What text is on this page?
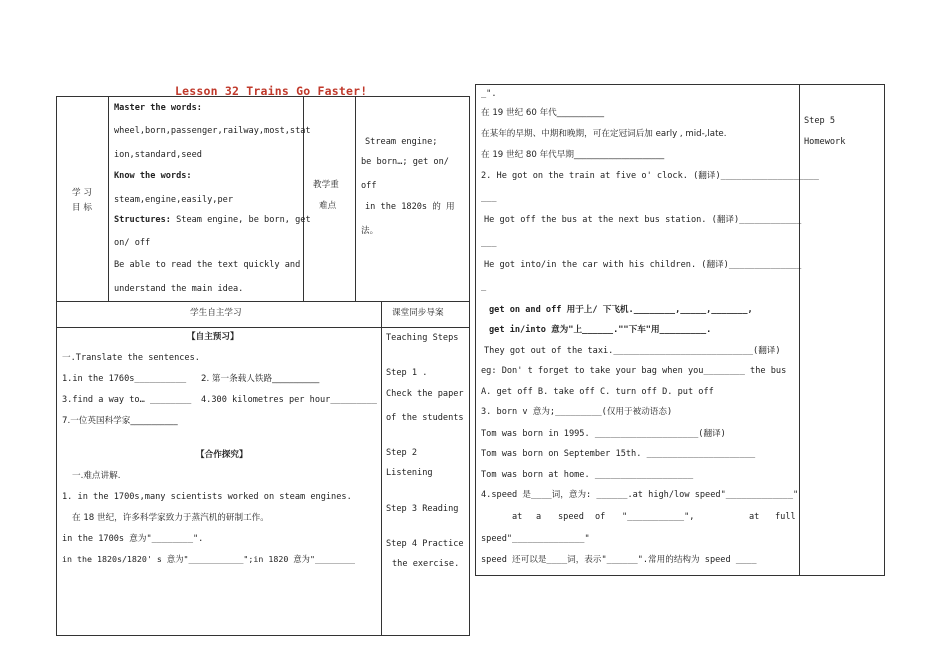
Lesson 32 Trains Go Faster!
学 习
目 标
Master the words:
wheel,born,passenger,railway,most,stat
ion,standard,seed
Know the words:
steam,engine,easily,per
Structures: Steam engine, be born, get
on/ off
Be able to read the text quickly and
understand the main idea.
教学重
难点
Stream engine;
be born…; get on/
off
in the 1820s 的 用
法。
学生自主学习	课堂同步导案
【自主预习】
一.Translate the sentences.
1.in the 1760s__________ 2. 第一条载人铁路___________
3.find a way to… ________ 4.300 kilometres per hour_________
7.一位英国科学家___________
【合作探究】
一.难点讲解.
1. in the 1700s,many scientists worked on steam engines.
在 18 世纪，许多科学家致力于蒸汽机的研制工作。
in the 1700s 意为"________".
in the 1820s/1820' s 意为"___________";in 1820 意为"________
Teaching Steps
Step 1 .
Check the paper
of the students
Step 2
Listening
Step 3 Reading
Step 4 Practice
the exercise.
_".
在 19 世纪 60 年代___________
在某年的早期、中期和晚期，可在定冠词后加 early , mid-,late.
在 19 世纪 80 年代早期_____________________
2. He got on the train at five o' clock. (翻译)___________________
___
He got off the bus at the next bus station. (翻译)____________
___
He got into/in the car with his children. (翻译)______________
_
get on and off 用于上/ 下飞机.________,_____,_______,
get in/into 意为"上______.""下车"用_________.
They got out of the taxi.___________________________(翻译)
eg: Don' t forget to take your bag when you________ the bus
A. get off B. take off C. turn off D. put off
3. born v 意为;_________(仅用于被动语态)
Tom was born in 1995. ____________________(翻译)
Tom was born on September 15th. _____________________
Tom was born at home. ___________________
4.speed 是____词，意为: ______.at high/low speed"_____________"
at a speed of "___________",	at full
speed"______________"
speed 还可以是____词，表示"______".常用的结构为 speed ____
Step 5
Homework
